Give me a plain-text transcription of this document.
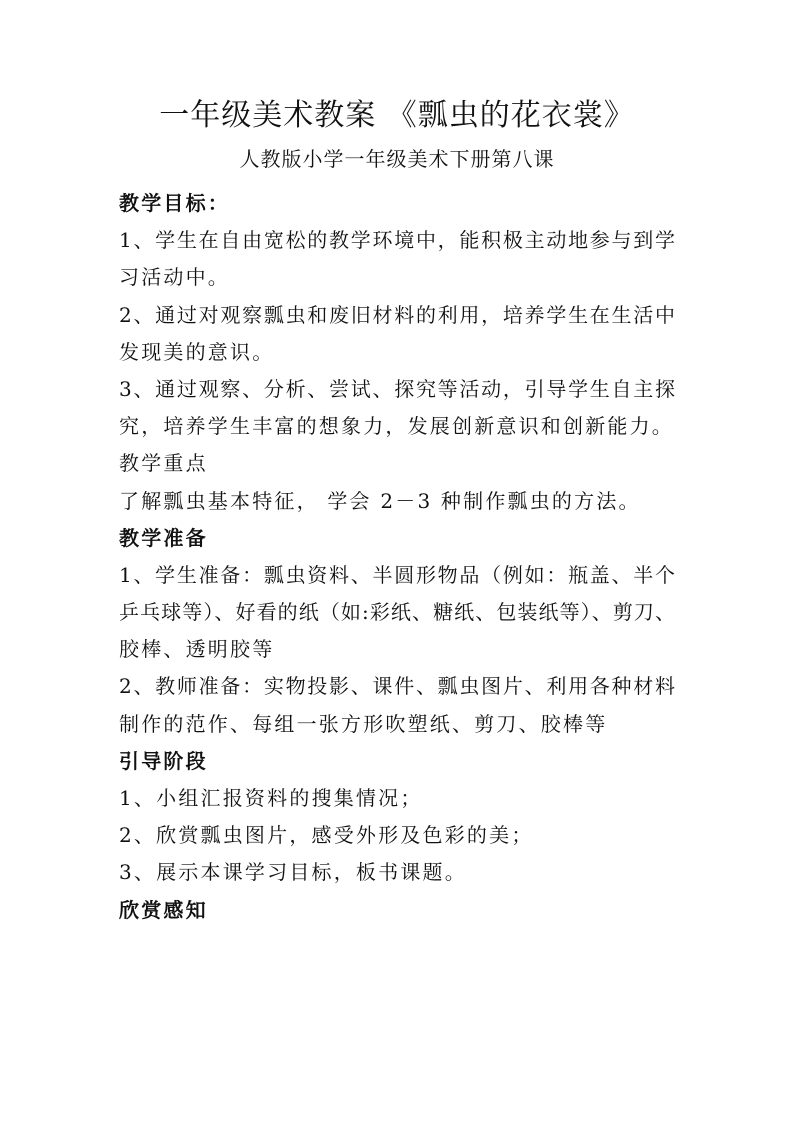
一年级美术教案 《瓢虫的花衣裳》
人教版小学一年级美术下册第八课
教学目标：
1、学生在自由宽松的教学环境中，能积极主动地参与到学
习活动中。
2、通过对观察瓢虫和废旧材料的利用，培养学生在生活中
发现美的意识。
3、通过观察、分析、尝试、探究等活动，引导学生自主探
究，培养学生丰富的想象力，发展创新意识和创新能力。
教学重点
了解瓢虫基本特征， 学会 2－3 种制作瓢虫的方法。
教学准备
1、学生准备：瓢虫资料、半圆形物品（例如：瓶盖、半个
乒乓球等）、好看的纸（如:彩纸、糖纸、包装纸等）、剪刀、
胶棒、透明胶等
2、教师准备：实物投影、课件、瓢虫图片、利用各种材料
制作的范作、每组一张方形吹塑纸、剪刀、胶棒等
引导阶段
1、小组汇报资料的搜集情况；
2、欣赏瓢虫图片，感受外形及色彩的美；
3、展示本课学习目标，板书课题。
欣赏感知
